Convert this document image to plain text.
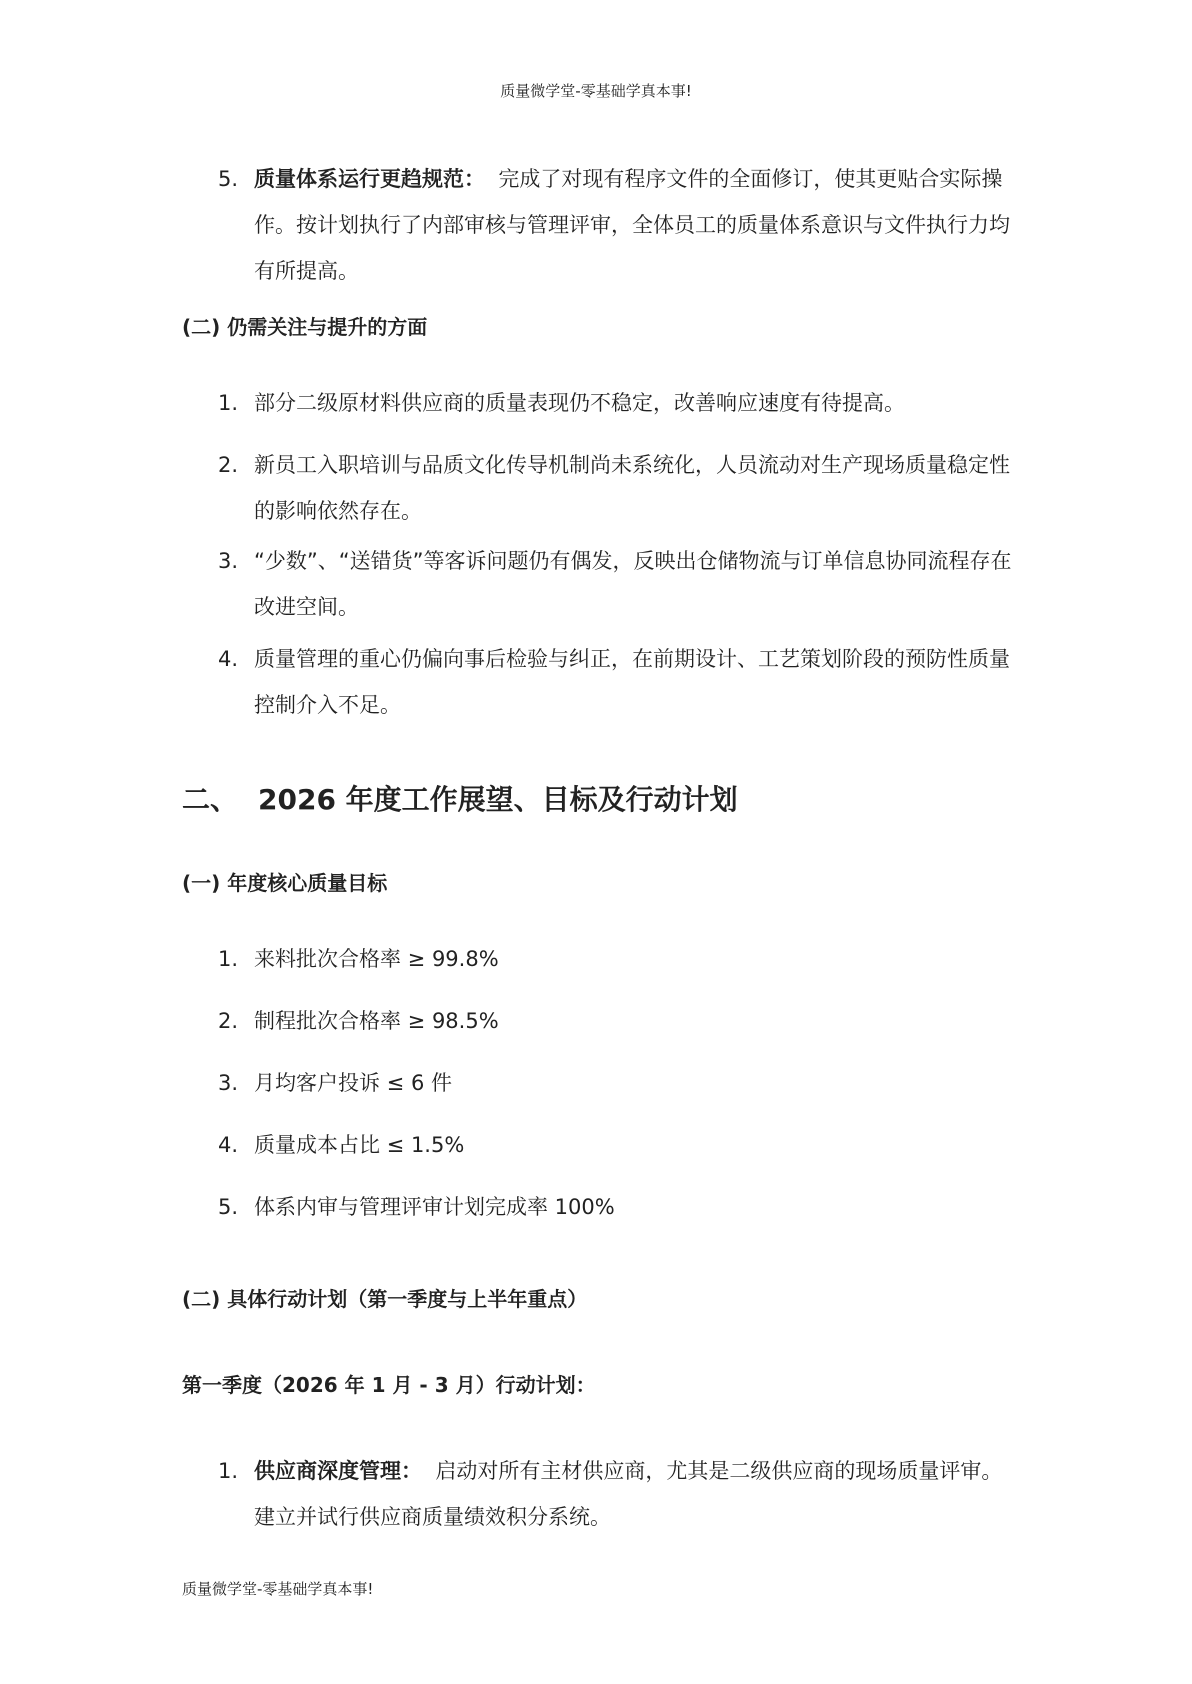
质量微学堂-零基础学真本事!
5. 质量体系运行更趋规范： 完成了对现有程序文件的全面修订，使其更贴合实际操作。按计划执行了内部审核与管理评审，全体员工的质量体系意识与文件执行力均有所提高。
(二) 仍需关注与提升的方面
1. 部分二级原材料供应商的质量表现仍不稳定，改善响应速度有待提高。
2. 新员工入职培训与品质文化传导机制尚未系统化，人员流动对生产现场质量稳定性的影响依然存在。
3. “少数”、“送错货”等客诉问题仍有偶发，反映出仓储物流与订单信息协同流程存在改进空间。
4. 质量管理的重心仍偏向事后检验与纠正，在前期设计、工艺策划阶段的预防性质量控制介入不足。
二、 2026 年度工作展望、目标及行动计划
(一) 年度核心质量目标
1. 来料批次合格率 ≥ 99.8%
2. 制程批次合格率 ≥ 98.5%
3. 月均客户投诉 ≤ 6 件
4. 质量成本占比 ≤ 1.5%
5. 体系内审与管理评审计划完成率 100%
(二) 具体行动计划（第一季度与上半年重点）
第一季度（2026 年 1 月 - 3 月）行动计划：
1. 供应商深度管理： 启动对所有主材供应商，尤其是二级供应商的现场质量评审。建立并试行供应商质量绩效积分系统。
质量微学堂-零基础学真本事!
